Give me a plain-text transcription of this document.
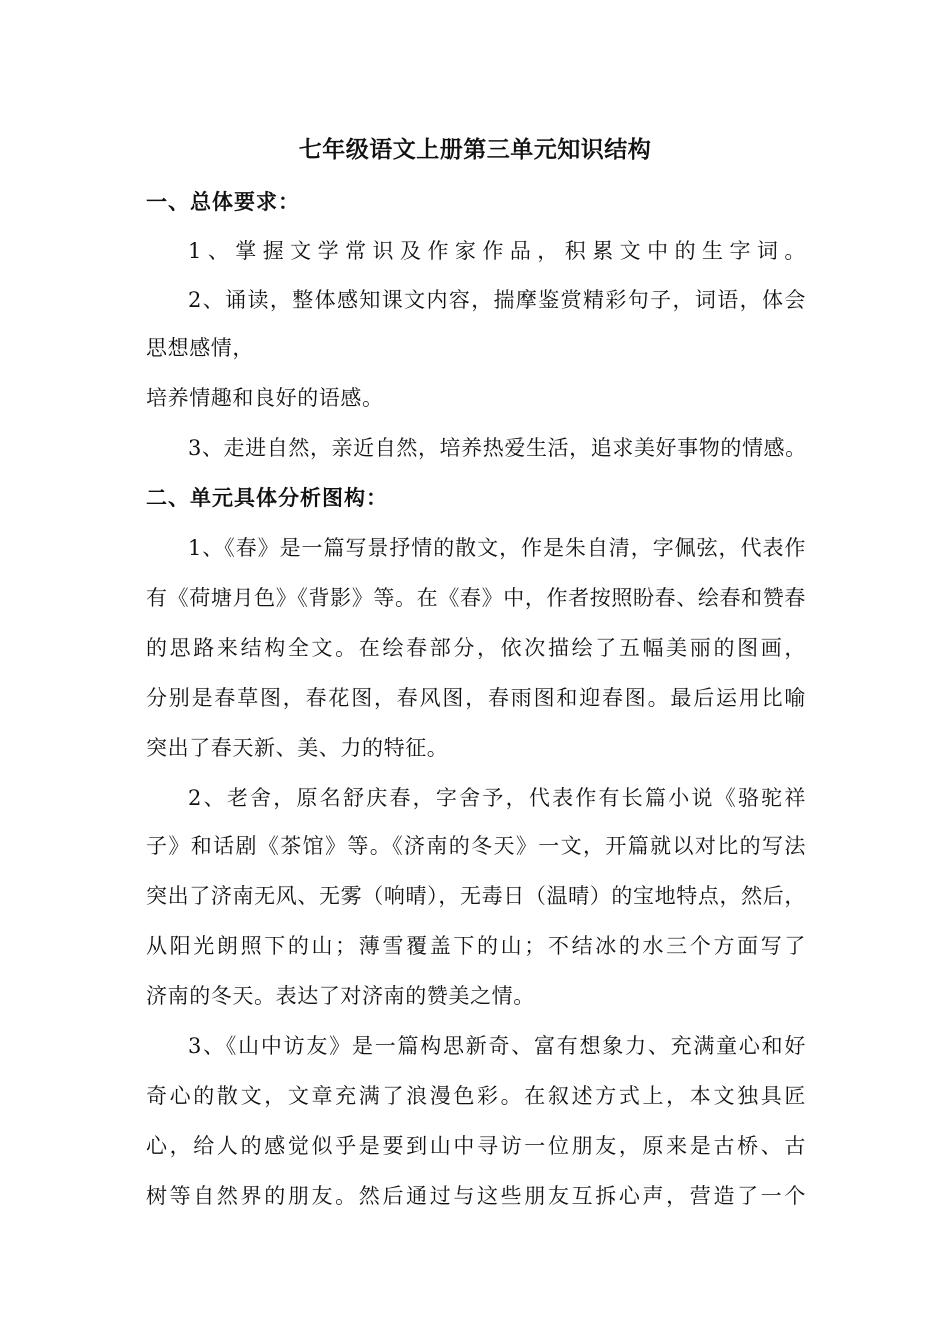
七年级语文上册第三单元知识结构
一、总体要求：
1、掌握文学常识及作家作品，积累文中的生字词。
2、诵读，整体感知课文内容，揣摩鉴赏精彩句子，词语，体会
思想感情，
培养情趣和良好的语感。
3、走进自然，亲近自然，培养热爱生活，追求美好事物的情感。
二、单元具体分析图构：
1、《春》是一篇写景抒情的散文，作是朱自清，字佩弦，代表作
有《荷塘月色》《背影》等。在《春》中，作者按照盼春、绘春和赞春
的思路来结构全文。在绘春部分，依次描绘了五幅美丽的图画，
分别是春草图，春花图，春风图，春雨图和迎春图。最后运用比喻
突出了春天新、美、力的特征。
2、老舍，原名舒庆春，字舍予，代表作有长篇小说《骆驼祥
子》和话剧《茶馆》等。《济南的冬天》一文，开篇就以对比的写法
突出了济南无风、无雾（响晴），无毒日（温晴）的宝地特点，然后，
从阳光朗照下的山；薄雪覆盖下的山；不结冰的水三个方面写了
济南的冬天。表达了对济南的赞美之情。
3、《山中访友》是一篇构思新奇、富有想象力、充满童心和好
奇心的散文，文章充满了浪漫色彩。在叙述方式上，本文独具匠
心，给人的感觉似乎是要到山中寻访一位朋友，原来是古桥、古
树等自然界的朋友。然后通过与这些朋友互拆心声，营造了一个
